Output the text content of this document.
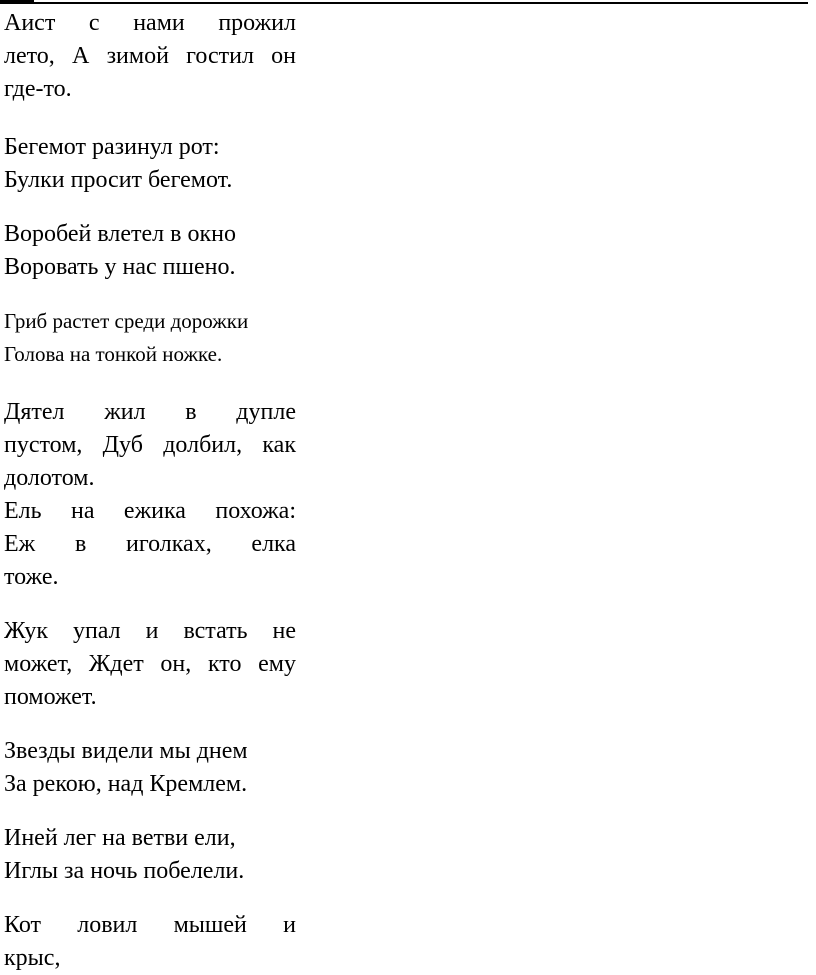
Аист с нами прожил
лето, А зимой гостил он
где-то.
Бегемот разинул рот:
Булки просит бегемот.
Воробей влетел в окно
Воровать у нас пшено.
Гриб растет среди дорожки
Голова на тонкой ножке.
Дятел жил в дупле
пустом, Дуб долбил, как
долотом.
Ель на ежика похожа:
Еж в иголках, елка
тоже.
Жук упал и встать не
может, Ждет он, кто ему
поможет.
Звезды видели мы днем
За рекою, над Кремлем.
Иней лег на ветви ели,
Иглы за ночь побелели.
Кот ловил мышей и
крыс,
